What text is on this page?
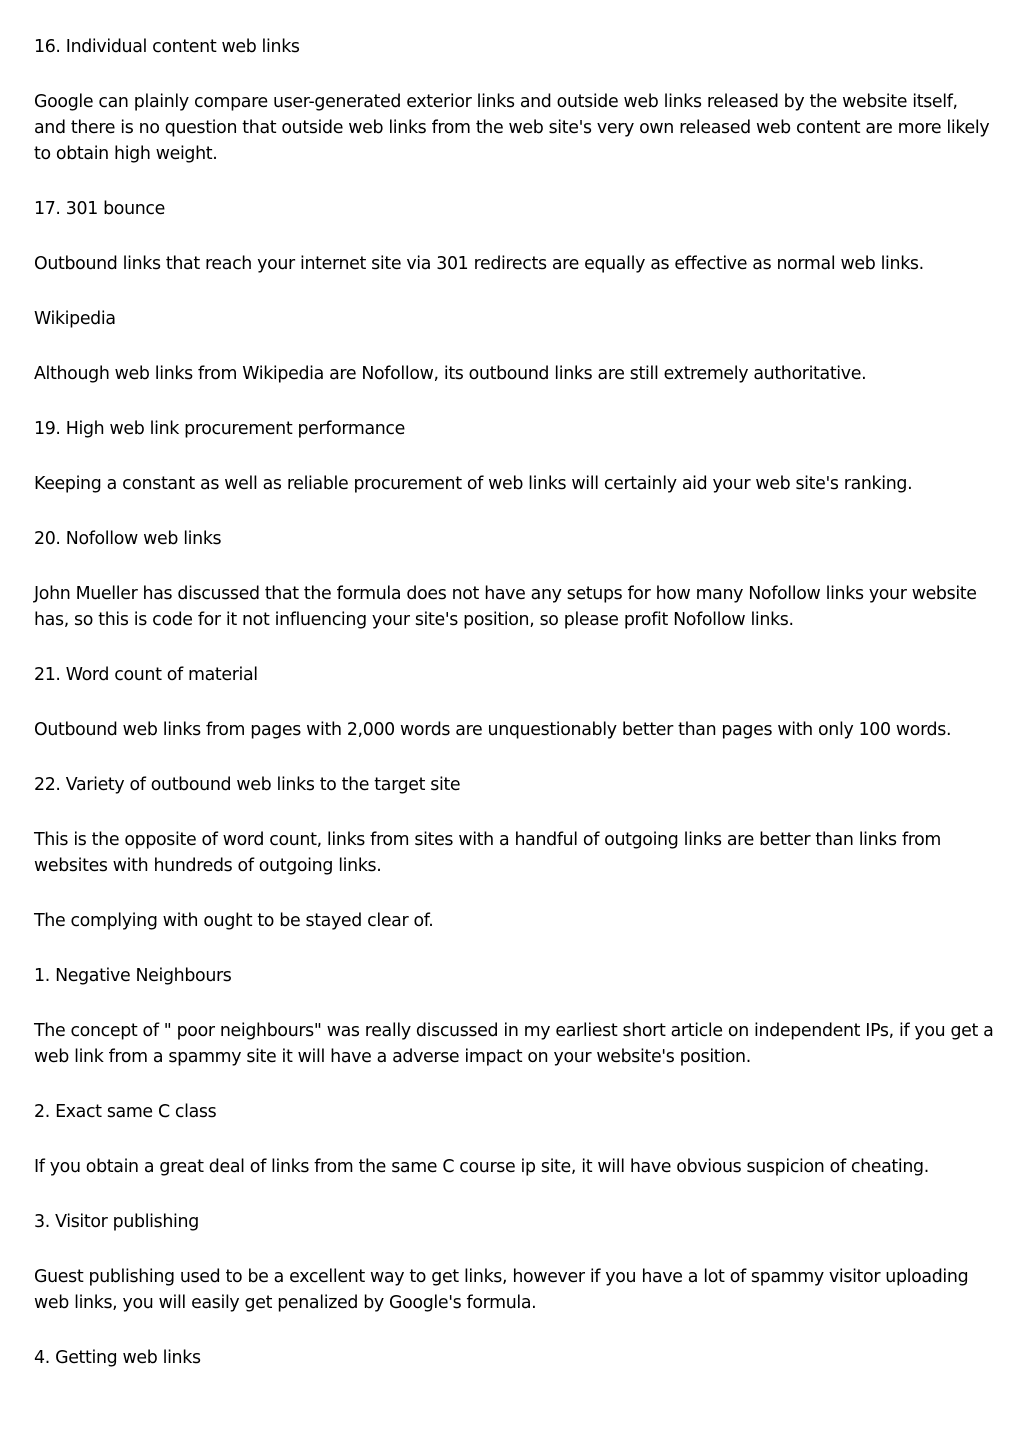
16. Individual content web links

Google can plainly compare user-generated exterior links and outside web links released by the website itself, and there is no question that outside web links from the web site's very own released web content are more likely to obtain high weight.

17. 301 bounce

Outbound links that reach your internet site via 301 redirects are equally as effective as normal web links.

Wikipedia

Although web links from Wikipedia are Nofollow, its outbound links are still extremely authoritative.

19. High web link procurement performance

Keeping a constant as well as reliable procurement of web links will certainly aid your web site's ranking.

20. Nofollow web links

John Mueller has discussed that the formula does not have any setups for how many Nofollow links your website has, so this is code for it not influencing your site's position, so please profit Nofollow links.

21. Word count of material

Outbound web links from pages with 2,000 words are unquestionably better than pages with only 100 words.

22. Variety of outbound web links to the target site

This is the opposite of word count, links from sites with a handful of outgoing links are better than links from websites with hundreds of outgoing links.

The complying with ought to be stayed clear of.

1. Negative Neighbours

The concept of " poor neighbours" was really discussed in my earliest short article on independent IPs, if you get a web link from a spammy site it will have a adverse impact on your website's position.

2. Exact same C class

If you obtain a great deal of links from the same C course ip site, it will have obvious suspicion of cheating.

3. Visitor publishing

Guest publishing used to be a excellent way to get links, however if you have a lot of spammy visitor uploading web links, you will easily get penalized by Google's formula.

4. Getting web links
